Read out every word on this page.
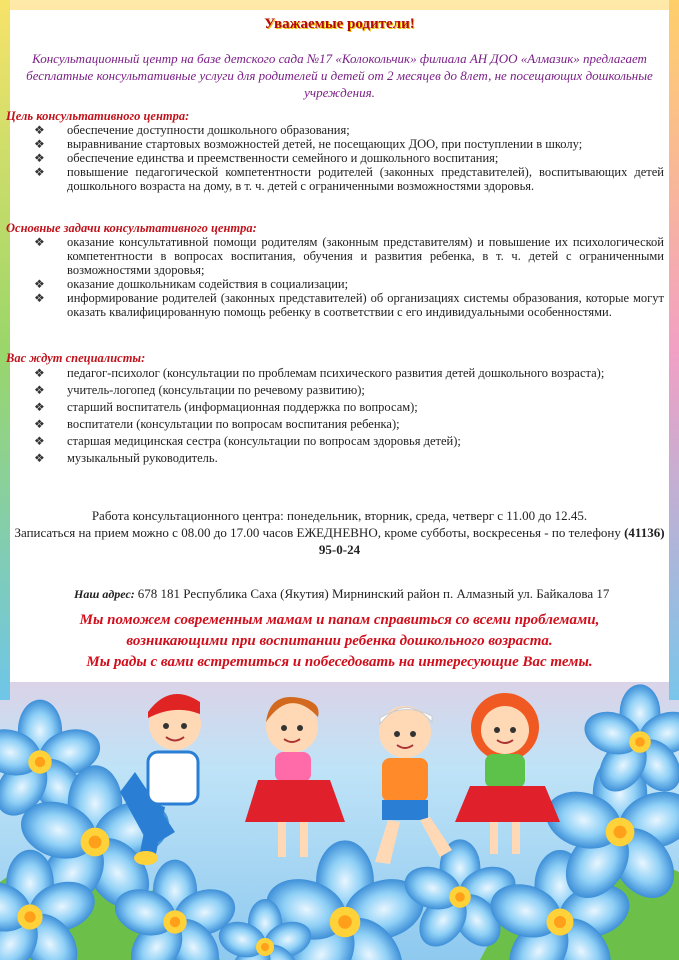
Уважаемые родители!
Консультационный центр на базе детского сада №17 «Колокольчик» филиала АН ДОО «Алмазик» предлагает бесплатные консультативные услуги для родителей и детей от 2 месяцев до 8лет, не посещающих дошкольные учреждения.
Цель консультативного центра:
❖ обеспечение доступности дошкольного образования;
❖ выравнивание стартовых возможностей детей, не посещающих ДОО, при поступлении в школу;
❖ обеспечение единства и преемственности семейного и дошкольного воспитания;
❖ повышение педагогической компетентности родителей (законных представителей), воспитывающих детей дошкольного возраста на дому, в т. ч. детей с ограниченными возможностями здоровья.
Основные задачи консультативного центра:
❖ оказание консультативной помощи родителям (законным представителям) и повышение их психологической компетентности в вопросах воспитания, обучения и развития ребенка, в т. ч. детей с ограниченными возможностями здоровья;
❖ оказание дошкольникам содействия в социализации;
❖ информирование родителей (законных представителей) об организациях системы образования, которые могут оказать квалифицированную помощь ребенку в соответствии с его индивидуальными особенностями.
Вас ждут специалисты:
❖ педагог-психолог (консультации по проблемам психического развития детей дошкольного возраста);
❖ учитель-логопед (консультации по речевому развитию);
❖ старший воспитатель (информационная поддержка по вопросам);
❖ воспитатели (консультации по вопросам воспитания ребенка);
❖ старшая медицинская сестра (консультации по вопросам здоровья детей);
❖ музыкальный руководитель.
Работа консультационного центра: понедельник, вторник, среда, четверг с 11.00 до 12.45.
Записаться на прием можно с 08.00 до 17.00 часов ЕЖЕДНЕВНО, кроме субботы, воскресенья - по телефону (41136) 95-0-24
Наш адрес: 678 181 Республика Саха (Якутия) Мирнинский район п. Алмазный ул. Байкалова 17
Мы поможем современным мамам и папам справиться со всеми проблемами,
возникающими при воспитании ребенка дошкольного возраста.
Мы рады с вами встретиться и побеседовать на интересующие Вас темы.
